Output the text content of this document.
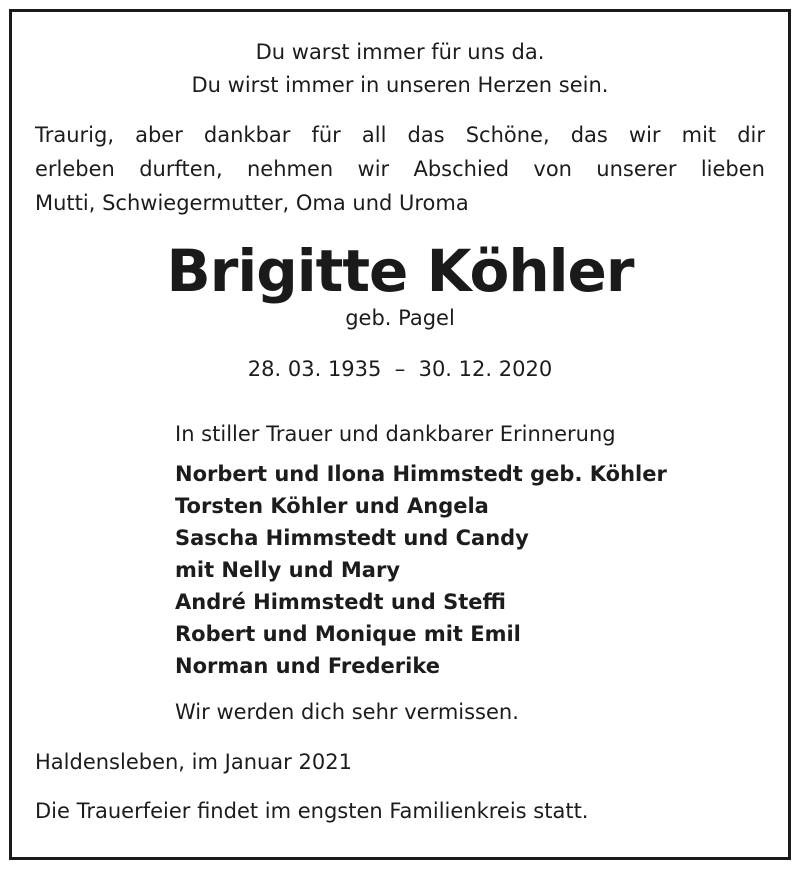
Du warst immer für uns da.

Du wirst immer in unseren Herzen sein.

Traurig, aber dankbar für all das Schöne, das wir mit dir
erleben durften, nehmen wir Abschied von unserer lieben
Mutti, Schwiegermutter, Oma und Uroma

Brigitte Köhler

geb. Pagel

28. 03. 1935  –  30. 12. 2020

In stiller Trauer und dankbarer Erinnerung

Norbert und Ilona Himmstedt geb. Köhler
Torsten Köhler und Angela
Sascha Himmstedt und Candy
mit Nelly und Mary
André Himmstedt und Steffi
Robert und Monique mit Emil
Norman und Frederike

Wir werden dich sehr vermissen.

Haldensleben, im Januar 2021

Die Trauerfeier findet im engsten Familienkreis statt.
